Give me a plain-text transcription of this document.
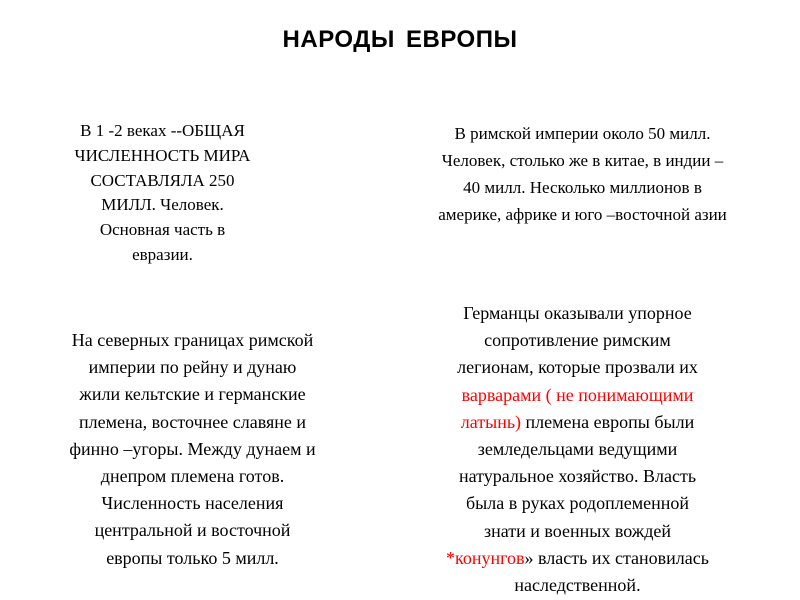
НАРОДЫ ЕВРОПЫ
В 1 -2 веках --ОБЩАЯ
ЧИСЛЕННОСТЬ МИРА
СОСТАВЛЯЛА 250
МИЛЛ. Человек.
Основная часть в
евразии.
В римской империи около 50 милл.
Человек, столько же в китае, в индии –
40 милл. Несколько миллионов в
америке, африке и юго –восточной азии
На северных границах римской
империи по рейну и дунаю
жили кельтские и германские
племена, восточнее славяне и
финно –угоры. Между дунаем и
днепром племена готов.
Численность населения
центральной и восточной
европы только 5 милл.
Германцы оказывали упорное
сопротивление римским
легионам, которые прозвали их
варварами ( не понимающими
латынь) племена европы были
земледельцами ведущими
натуральное хозяйство. Власть
была в руках родоплеменной
знати и военных вождей
*конунгов» власть их становилась
наследственной.
